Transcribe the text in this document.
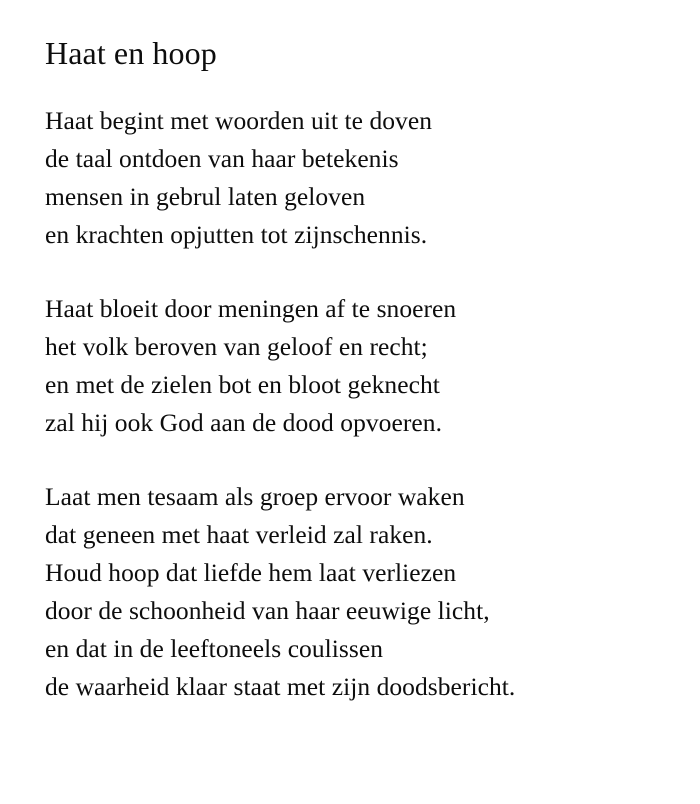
Haat en hoop
Haat begint met woorden uit te doven
de taal ontdoen van haar betekenis
mensen in gebrul laten geloven
en krachten opjutten tot zijnschennis.
Haat bloeit door meningen af te snoeren
het volk beroven van geloof en recht;
en met de zielen bot en bloot geknecht
zal hij ook God aan de dood opvoeren.
Laat men tesaam als groep ervoor waken
dat geneen met haat verleid zal raken.
Houd hoop dat liefde hem laat verliezen
door de schoonheid van haar eeuwige licht,
en dat in de leeftoneels coulissen
de waarheid klaar staat met zijn doodsbericht.
